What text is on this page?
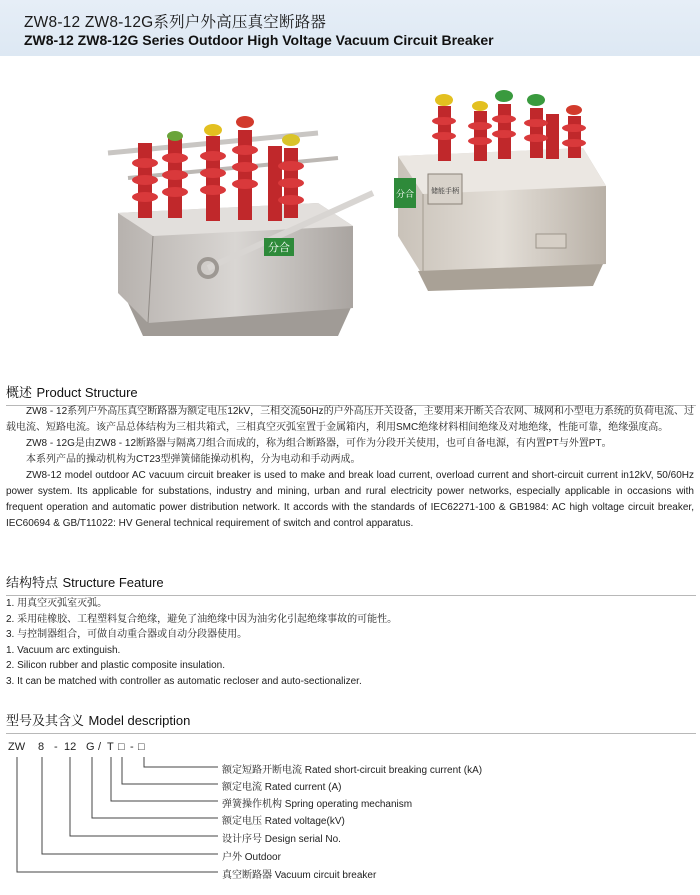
ZW8-12 ZW8-12G系列户外高压真空断路器
ZW8-12 ZW8-12G Series Outdoor High Voltage Vacuum Circuit Breaker
分合
分合 储能手柄
概述 Product Structure

ZW8 - 12系列户外高压真空断路器为额定电压12kV，三相交流50Hz的户外高压开关设备，主要用来开断关合农网、城网和小型电力系统的负荷电流、过载电流、短路电流。该产品总体结构为三相共箱式，三相真空灭弧室置于金属箱内，利用SMC绝缘材料相间绝缘及对地绝缘，性能可靠，绝缘强度高。

ZW8 - 12G是由ZW8 - 12断路器与隔离刀组合而成的，称为组合断路器，可作为分段开关使用，也可自备电源，有内置PT与外置PT。

本系列产品的操动机构为CT23型弹簧储能操动机构，分为电动和手动两成。

ZW8-12 model outdoor AC vacuum circuit breaker is used to make and break load current, overload current and short-circuit current in12kV, 50/60Hz power system. Its applicable for substations, industry and mining, urban and rural electricity power networks, especially applicable in occasions with frequent operation and automatic power distribution network. It accords with the standards of IEC62271-100 & GB1984: AC high voltage circuit breaker, IEC60694 & GB/T11022: HV General technical requirement of switch and control apparatus.

结构特点 Structure Feature
1. 用真空灭弧室灭弧。
2. 采用硅橡胶、工程塑料复合绝缘，避免了油绝缘中因为油劣化引起绝缘事故的可能性。
3. 与控制器组合，可做自动重合器或自动分段器使用。
1. Vacuum arc extinguish.
2. Silicon rubber and plastic composite insulation.
3. It can be matched with controller as automatic recloser and auto-sectionalizer.
型号及其含义 Model description
ZW 8 - 12 G / T □ - □
额定短路开断电流 Rated short-circuit breaking current (kA)
额定电流 Rated current (A)
弹簧操作机构 Spring operating mechanism
额定电压 Rated voltage(kV)
设计序号 Design serial No.
户外 Outdoor
真空断路器 Vacuum circuit breaker
